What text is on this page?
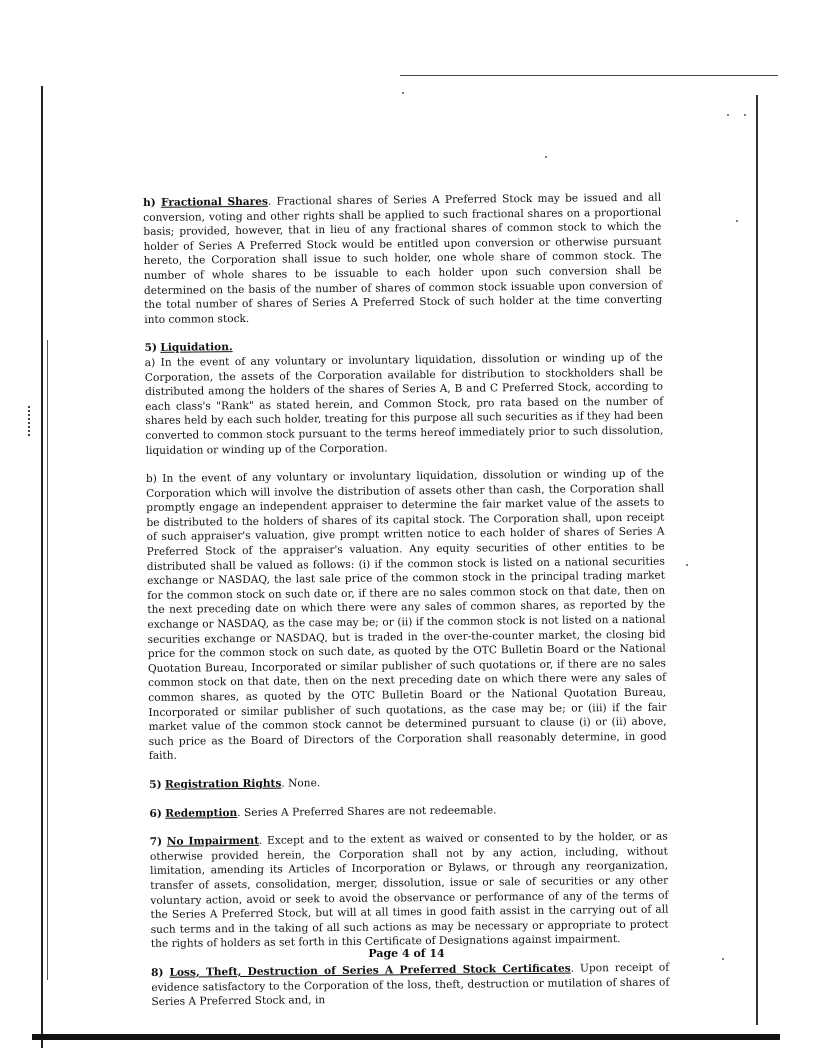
h) Fractional Shares. Fractional shares of Series A Preferred Stock may be issued and all conversion, voting and other rights shall be applied to such fractional shares on a proportional basis; provided, however, that in lieu of any fractional shares of common stock to which the holder of Series A Preferred Stock would be entitled upon conversion or otherwise pursuant hereto, the Corporation shall issue to such holder, one whole share of common stock. The number of whole shares to be issuable to each holder upon such conversion shall be determined on the basis of the number of shares of common stock issuable upon conversion of the total number of shares of Series A Preferred Stock of such holder at the time converting into common stock.

5) Liquidation.

a) In the event of any voluntary or involuntary liquidation, dissolution or winding up of the Corporation, the assets of the Corporation available for distribution to stockholders shall be distributed among the holders of the shares of Series A, B and C Preferred Stock, according to each class's "Rank" as stated herein, and Common Stock, pro rata based on the number of shares held by each such holder, treating for this purpose all such securities as if they had been converted to common stock pursuant to the terms hereof immediately prior to such dissolution, liquidation or winding up of the Corporation.

b) In the event of any voluntary or involuntary liquidation, dissolution or winding up of the Corporation which will involve the distribution of assets other than cash, the Corporation shall promptly engage an independent appraiser to determine the fair market value of the assets to be distributed to the holders of shares of its capital stock. The Corporation shall, upon receipt of such appraiser's valuation, give prompt written notice to each holder of shares of Series A Preferred Stock of the appraiser's valuation. Any equity securities of other entities to be distributed shall be valued as follows: (i) if the common stock is listed on a national securities exchange or NASDAQ, the last sale price of the common stock in the principal trading market for the common stock on such date or, if there are no sales common stock on that date, then on the next preceding date on which there were any sales of common shares, as reported by the exchange or NASDAQ, as the case may be; or (ii) if the common stock is not listed on a national securities exchange or NASDAQ, but is traded in the over-the-counter market, the closing bid price for the common stock on such date, as quoted by the OTC Bulletin Board or the National Quotation Bureau, Incorporated or similar publisher of such quotations or, if there are no sales common stock on that date, then on the next preceding date on which there were any sales of common shares, as quoted by the OTC Bulletin Board or the National Quotation Bureau, Incorporated or similar publisher of such quotations, as the case may be; or (iii) if the fair market value of the common stock cannot be determined pursuant to clause (i) or (ii) above, such price as the Board of Directors of the Corporation shall reasonably determine, in good faith.

5) Registration Rights. None.

6) Redemption. Series A Preferred Shares are not redeemable.

7) No Impairment. Except and to the extent as waived or consented to by the holder, or as otherwise provided herein, the Corporation shall not by any action, including, without limitation, amending its Articles of Incorporation or Bylaws, or through any reorganization, transfer of assets, consolidation, merger, dissolution, issue or sale of securities or any other voluntary action, avoid or seek to avoid the observance or performance of any of the terms of the Series A Preferred Stock, but will at all times in good faith assist in the carrying out of all such terms and in the taking of all such actions as may be necessary or appropriate to protect the rights of holders as set forth in this Certificate of Designations against impairment.

8) Loss, Theft, Destruction of Series A Preferred Stock Certificates. Upon receipt of evidence satisfactory to the Corporation of the loss, theft, destruction or mutilation of shares of Series A Preferred Stock and, in

Page 4 of 14
